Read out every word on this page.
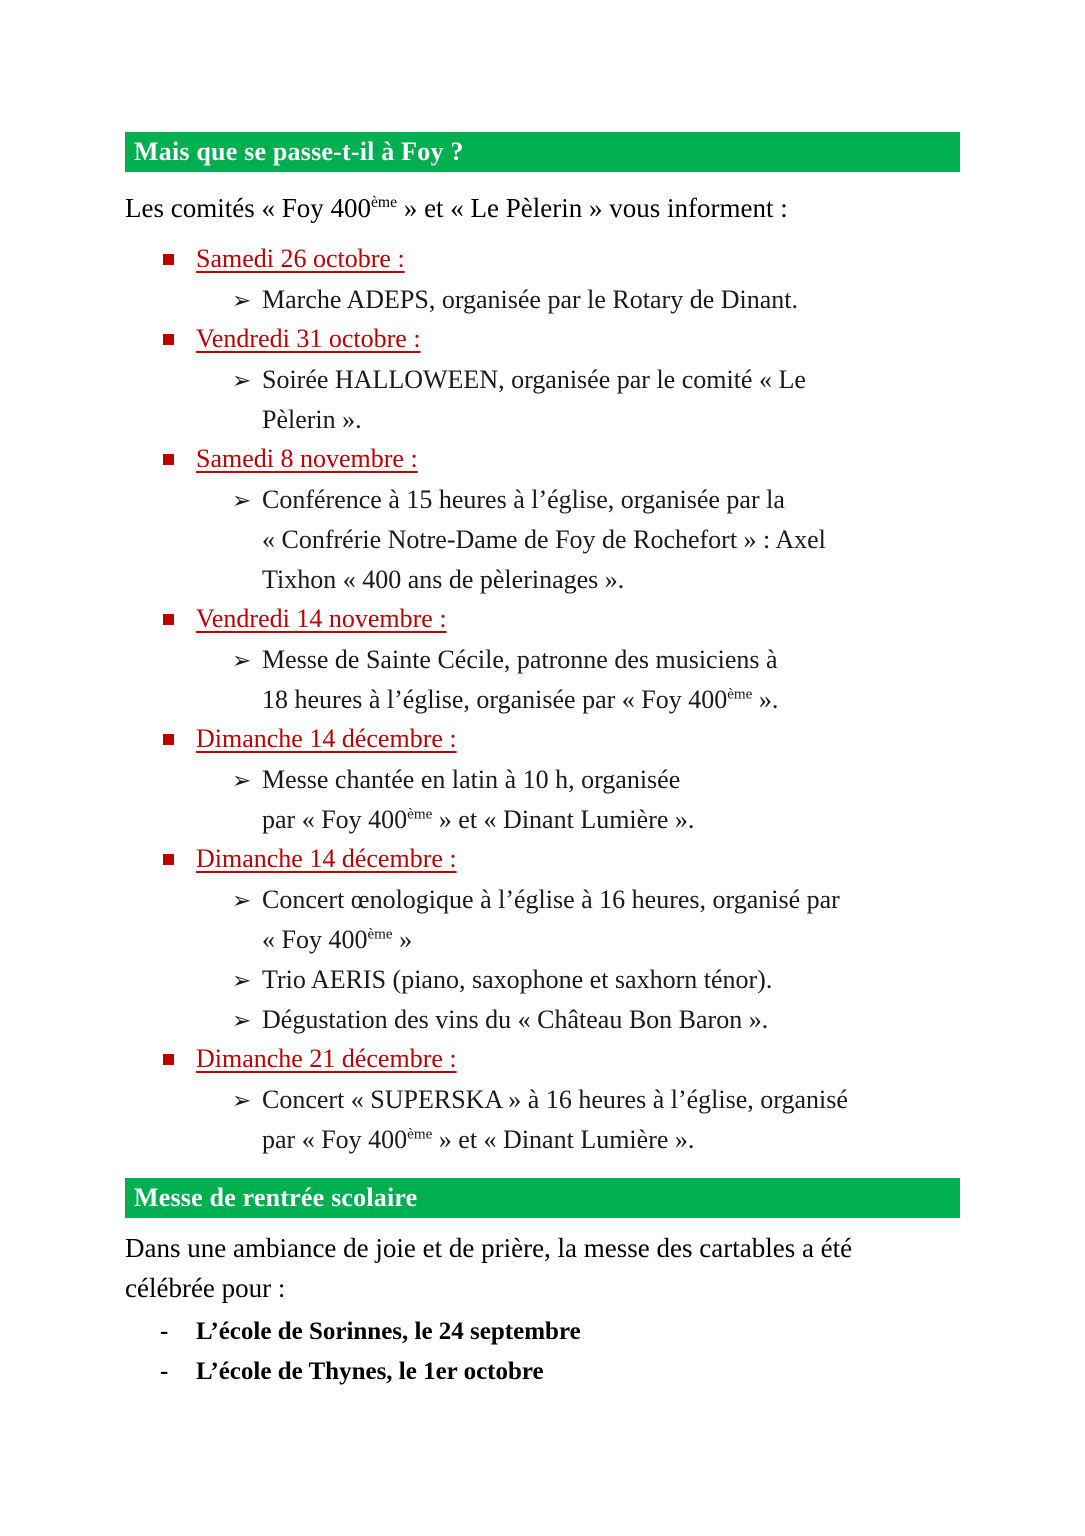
Mais que se passe-t-il à Foy ?
Les comités « Foy 400ème » et « Le Pèlerin » vous informent :
Samedi 26 octobre :
➢ Marche ADEPS, organisée par le Rotary de Dinant.
Vendredi 31 octobre :
➢ Soirée HALLOWEEN, organisée par le comité « Le
Pèlerin ».
Samedi 8 novembre :
➢ Conférence à 15 heures à l’église, organisée par la
« Confrérie Notre-Dame de Foy de Rochefort » : Axel
Tixhon « 400 ans de pèlerinages ».
Vendredi 14 novembre :
➢ Messe de Sainte Cécile, patronne des musiciens à
18 heures à l’église, organisée par « Foy 400ème ».
Dimanche 14 décembre :
➢ Messe chantée en latin à 10 h, organisée
par « Foy 400ème » et « Dinant Lumière ».
Dimanche 14 décembre :
➢ Concert œnologique à l’église à 16 heures, organisé par
« Foy 400ème »
➢ Trio AERIS (piano, saxophone et saxhorn ténor).
➢ Dégustation des vins du « Château Bon Baron ».
Dimanche 21 décembre :
➢ Concert « SUPERSKA » à 16 heures à l’église, organisé
par « Foy 400ème » et « Dinant Lumière ».
Messe de rentrée scolaire
Dans une ambiance de joie et de prière, la messe des cartables a été célébrée pour :
- L’école de Sorinnes, le 24 septembre
- L’école de Thynes, le 1er octobre
